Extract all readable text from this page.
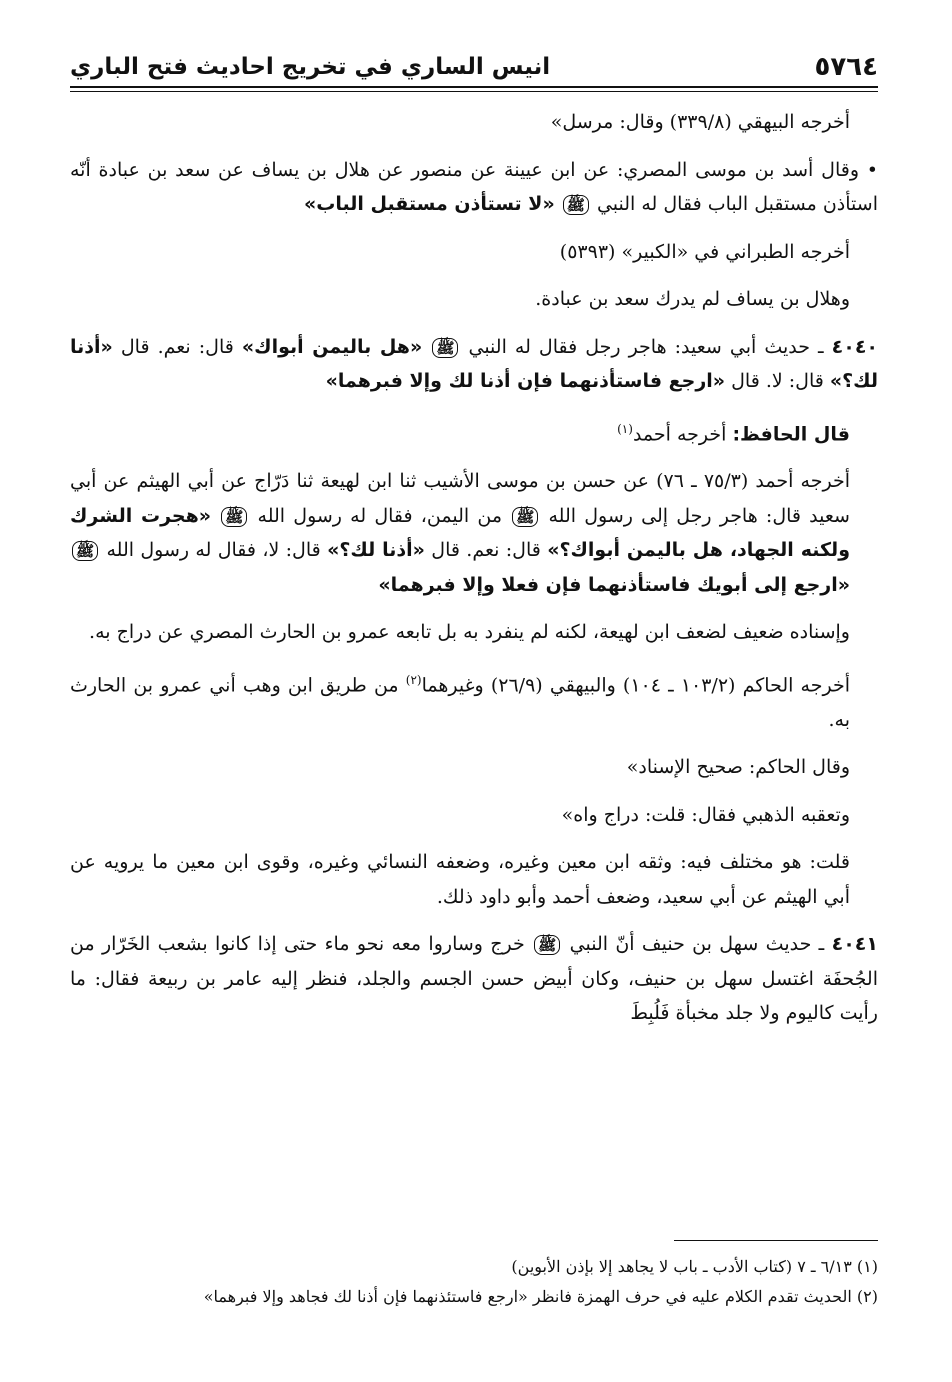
٥٧٦٤
انيس الساري في تخريج احاديث فتح الباري

أخرجه البيهقي (٣٣٩/٨) وقال: مرسل»

• وقال أسد بن موسى المصري: عن ابن عيينة عن منصور عن هلال بن يساف عن سعد بن عبادة أنّه استأذن مستقبل الباب فقال له النبي ﷺ «لا تستأذن مستقبل الباب»

أخرجه الطبراني في «الكبير» (٥٣٩٣)

وهلال بن يساف لم يدرك سعد بن عبادة.

٤٠٤٠ ـ حديث أبي سعيد: هاجر رجل فقال له النبي ﷺ «هل باليمن أبواك» قال: نعم. قال «أذنا لك؟» قال: لا. قال «ارجع فاستأذنهما فإن أذنا لك وإلا فبرهما»

قال الحافظ: أخرجه أحمد$^{(١)}$

أخرجه أحمد (٧٥/٣ ـ ٧٦) عن حسن بن موسى الأشيب ثنا ابن لهيعة ثنا دَرّاج عن أبي الهيثم عن أبي سعيد قال: هاجر رجل إلى رسول الله ﷺ من اليمن، فقال له رسول الله ﷺ «هجرت الشرك ولكنه الجهاد، هل باليمن أبواك؟» قال: نعم. قال «أذنا لك؟» قال: لا، فقال له رسول الله ﷺ «ارجع إلى أبويك فاستأذنهما فإن فعلا وإلا فبرهما»

وإسناده ضعيف لضعف ابن لهيعة، لكنه لم ينفرد به بل تابعه عمرو بن الحارث المصري عن دراج به.

أخرجه الحاكم (١٠٣/٢ ـ ١٠٤) والبيهقي (٢٦/٩) وغيرهما$^{(٢)}$ من طريق ابن وهب أني عمرو بن الحارث به.

وقال الحاكم: صحيح الإسناد»

وتعقبه الذهبي فقال: قلت: دراج واه»

قلت: هو مختلف فيه: وثقه ابن معين وغيره، وضعفه النسائي وغيره، وقوى ابن معين ما يرويه عن أبي الهيثم عن أبي سعيد، وضعف أحمد وأبو داود ذلك.

٤٠٤١ ـ حديث سهل بن حنيف أنّ النبي ﷺ خرج وساروا معه نحو ماء حتى إذا كانوا بشعب الخَرّار من الجُحفَة اغتسل سهل بن حنيف، وكان أبيض حسن الجسم والجلد، فنظر إليه عامر بن ربيعة فقال: ما رأيت كاليوم ولا جلد مخبأة فَلُبِطَ

(١) ٦/١٣ ـ ٧ (كتاب الأدب ـ باب لا يجاهد إلا بإذن الأبوين)

(٢) الحديث تقدم الكلام عليه في حرف الهمزة فانظر «ارجع فاستئذنهما فإن أذنا لك فجاهد وإلا فبرهما»
